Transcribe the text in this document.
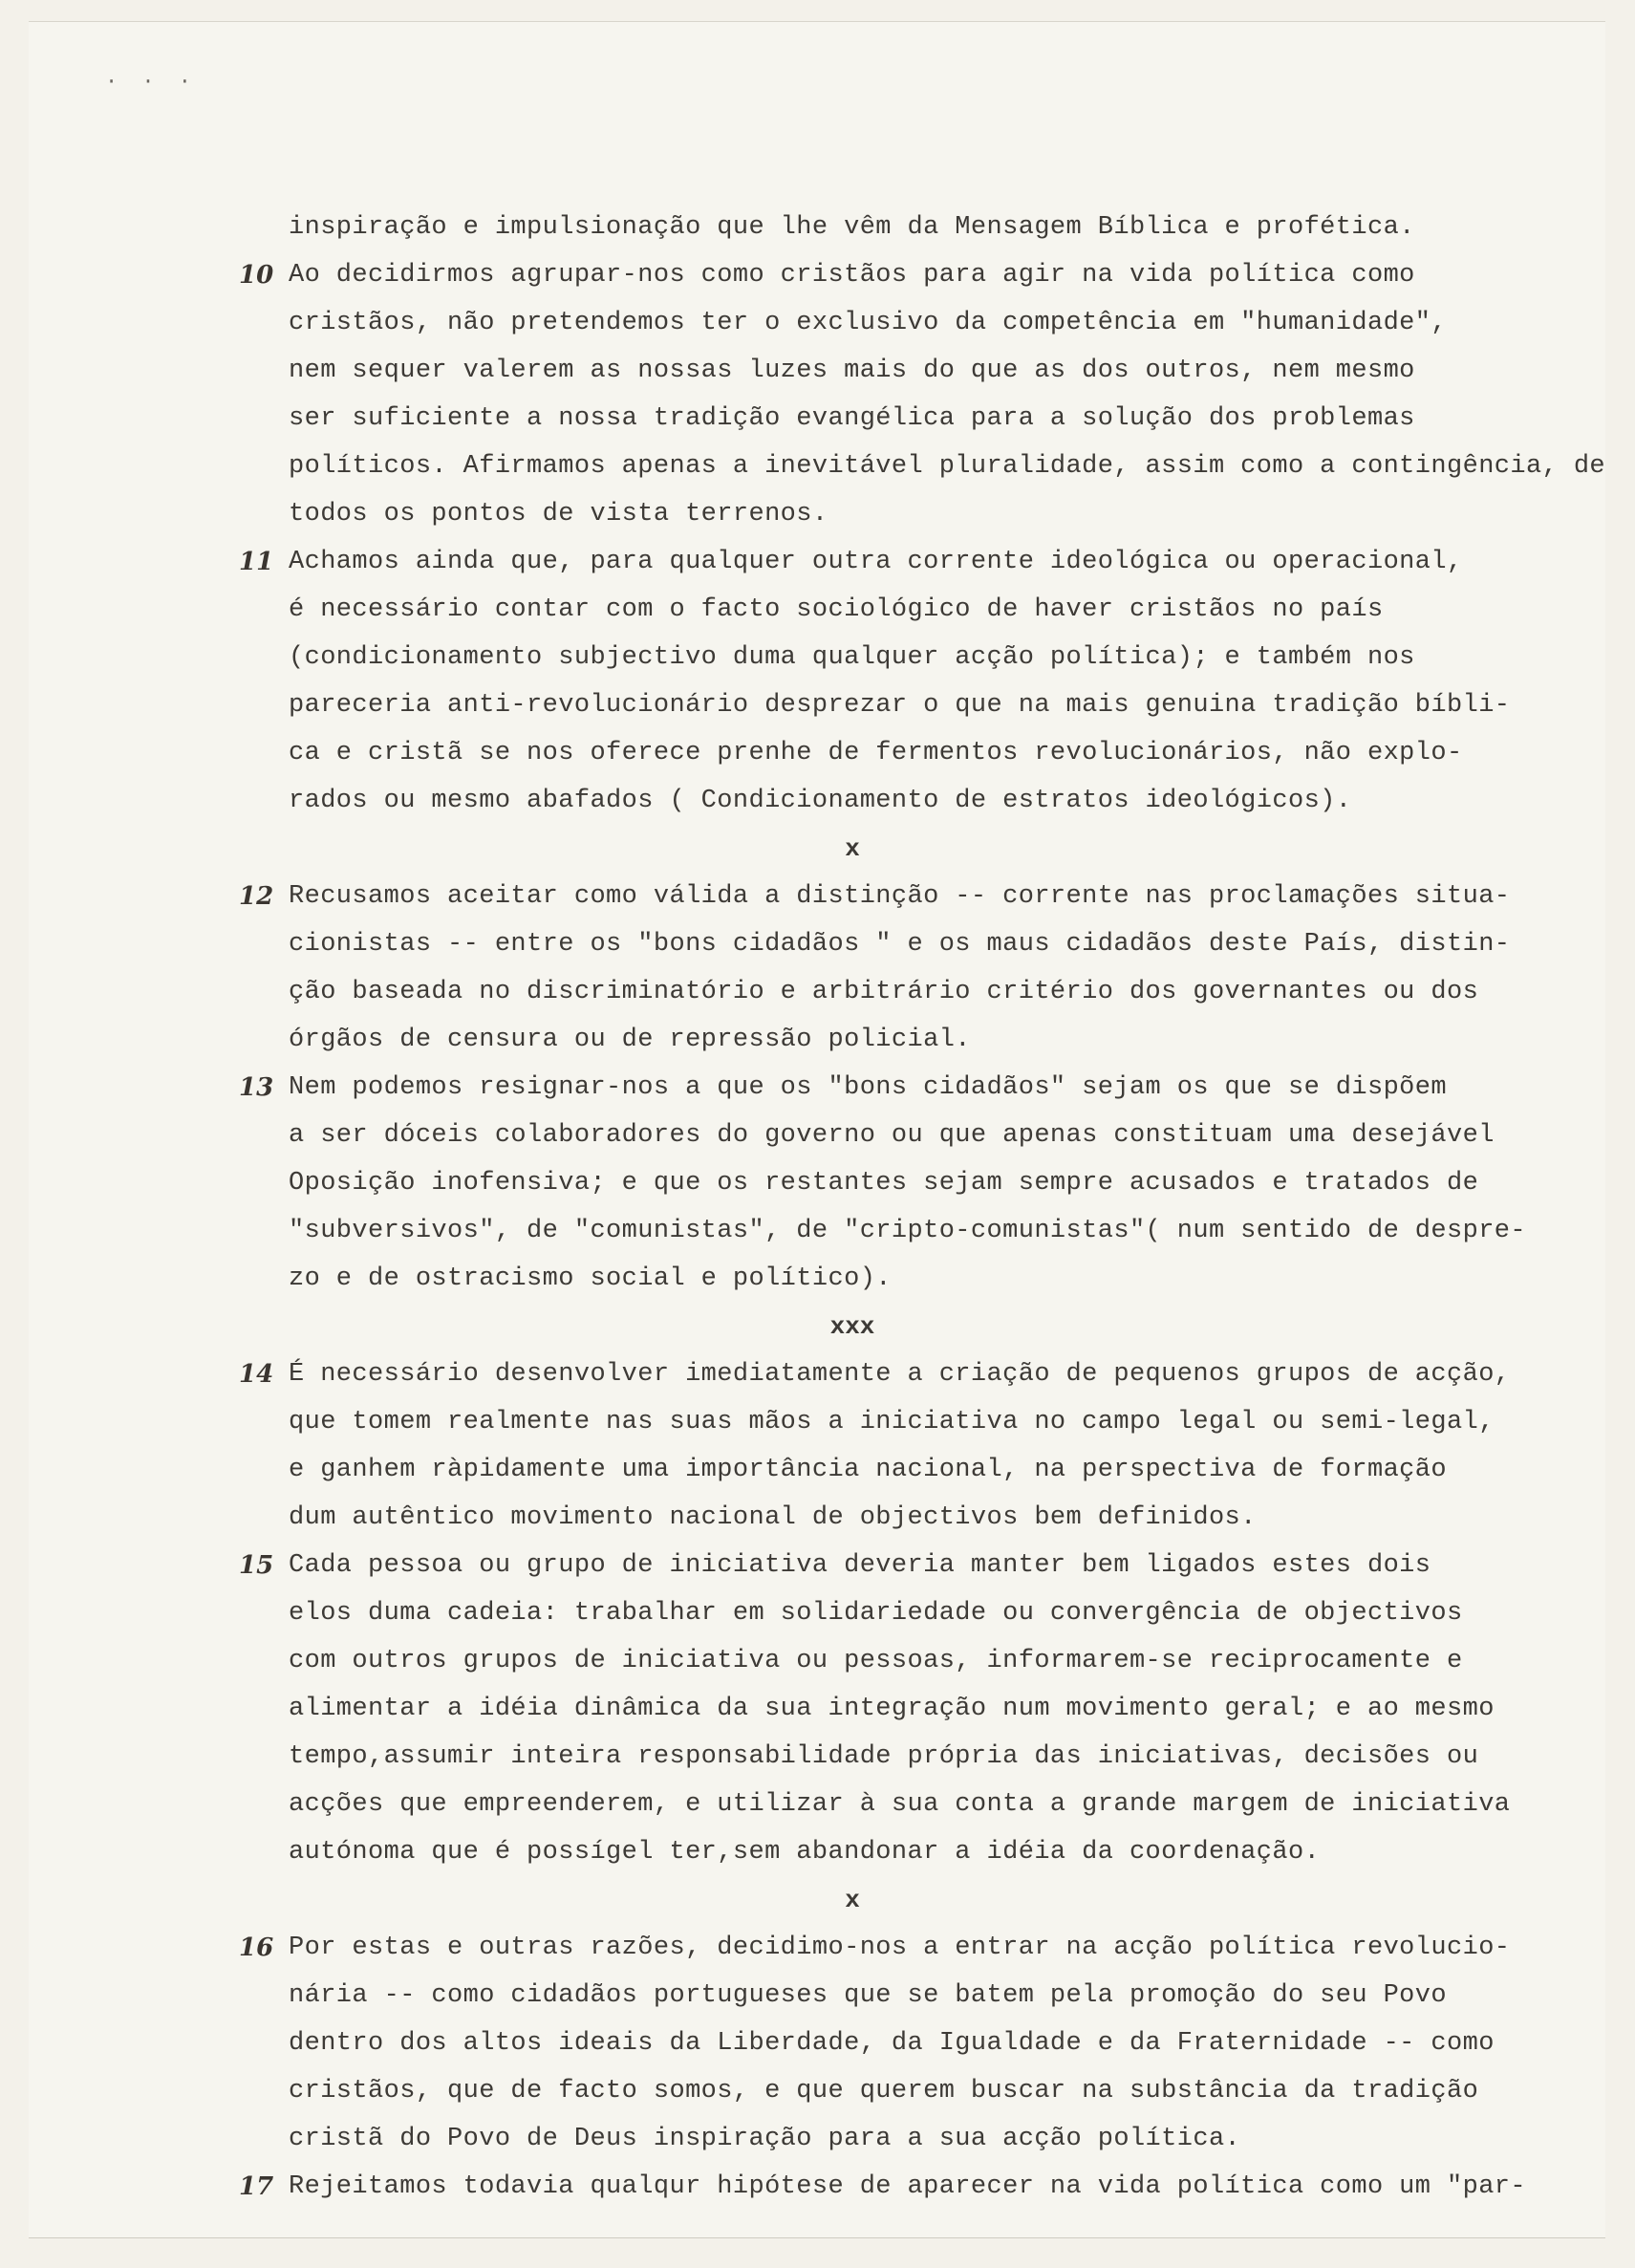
· · ·
inspiração e impulsionação que lhe vêm da Mensagem Bíblica e profética.
10 Ao decidirmos agrupar-nos como cristãos para agir na vida política como
cristãos, não pretendemos ter o exclusivo da competência em "humanidade",
nem sequer valerem as nossas luzes mais do que as dos outros, nem mesmo
ser suficiente a nossa tradição evangélica para a solução dos problemas
políticos. Afirmamos apenas a inevitável pluralidade, assim como a contingência, de
todos os pontos de vista terrenos.
11 Achamos ainda que, para qualquer outra corrente ideológica ou operacional,
é necessário contar com o facto sociológico de haver cristãos no país
(condicionamento subjectivo duma qualquer acção política); e também nos
pareceria anti-revolucionário desprezar o que na mais genuina tradição bíbli-
ca e cristã se nos oferece prenhe de fermentos revolucionários, não explo-
rados ou mesmo abafados ( Condicionamento de estratos ideológicos).
x
12 Recusamos aceitar como válida a distinção -- corrente nas proclamações situa-
cionistas -- entre os "bons cidadãos " e os maus cidadãos deste País, distin-
ção baseada no discriminatório e arbitrário critério dos governantes ou dos
órgãos de censura ou de repressão policial.
13 Nem podemos resignar-nos a que os "bons cidadãos" sejam os que se dispõem
a ser dóceis colaboradores do governo ou que apenas constituam uma desejável
Oposição inofensiva; e que os restantes sejam sempre acusados e tratados de
"subversivos", de "comunistas", de "cripto-comunistas"( num sentido de despre-
zo e de ostracismo social e político).
xxx
14 É necessário desenvolver imediatamente a criação de pequenos grupos de acção,
que tomem realmente nas suas mãos a iniciativa no campo legal ou semi-legal,
e ganhem ràpidamente uma importância nacional, na perspectiva de formação
dum autêntico movimento nacional de objectivos bem definidos.
15 Cada pessoa ou grupo de iniciativa deveria manter bem ligados estes dois
elos duma cadeia: trabalhar em solidariedade ou convergência de objectivos
com outros grupos de iniciativa ou pessoas, informarem-se reciprocamente e
alimentar a idéia dinâmica da sua integração num movimento geral; e ao mesmo
tempo,assumir inteira responsabilidade própria das iniciativas, decisões ou
acções que empreenderem, e utilizar à sua conta a grande margem de iniciativa
autónoma que é possígel ter,sem abandonar a idéia da coordenação.
x
16 Por estas e outras razões, decidimo-nos a entrar na acção política revolucio-
nária -- como cidadãos portugueses que se batem pela promoção do seu Povo
dentro dos altos ideais da Liberdade, da Igualdade e da Fraternidade -- como
cristãos, que de facto somos, e que querem buscar na substância da tradição
cristã do Povo de Deus inspiração para a sua acção política.
17 Rejeitamos todavia qualqur hipótese de aparecer na vida política como um "par-
